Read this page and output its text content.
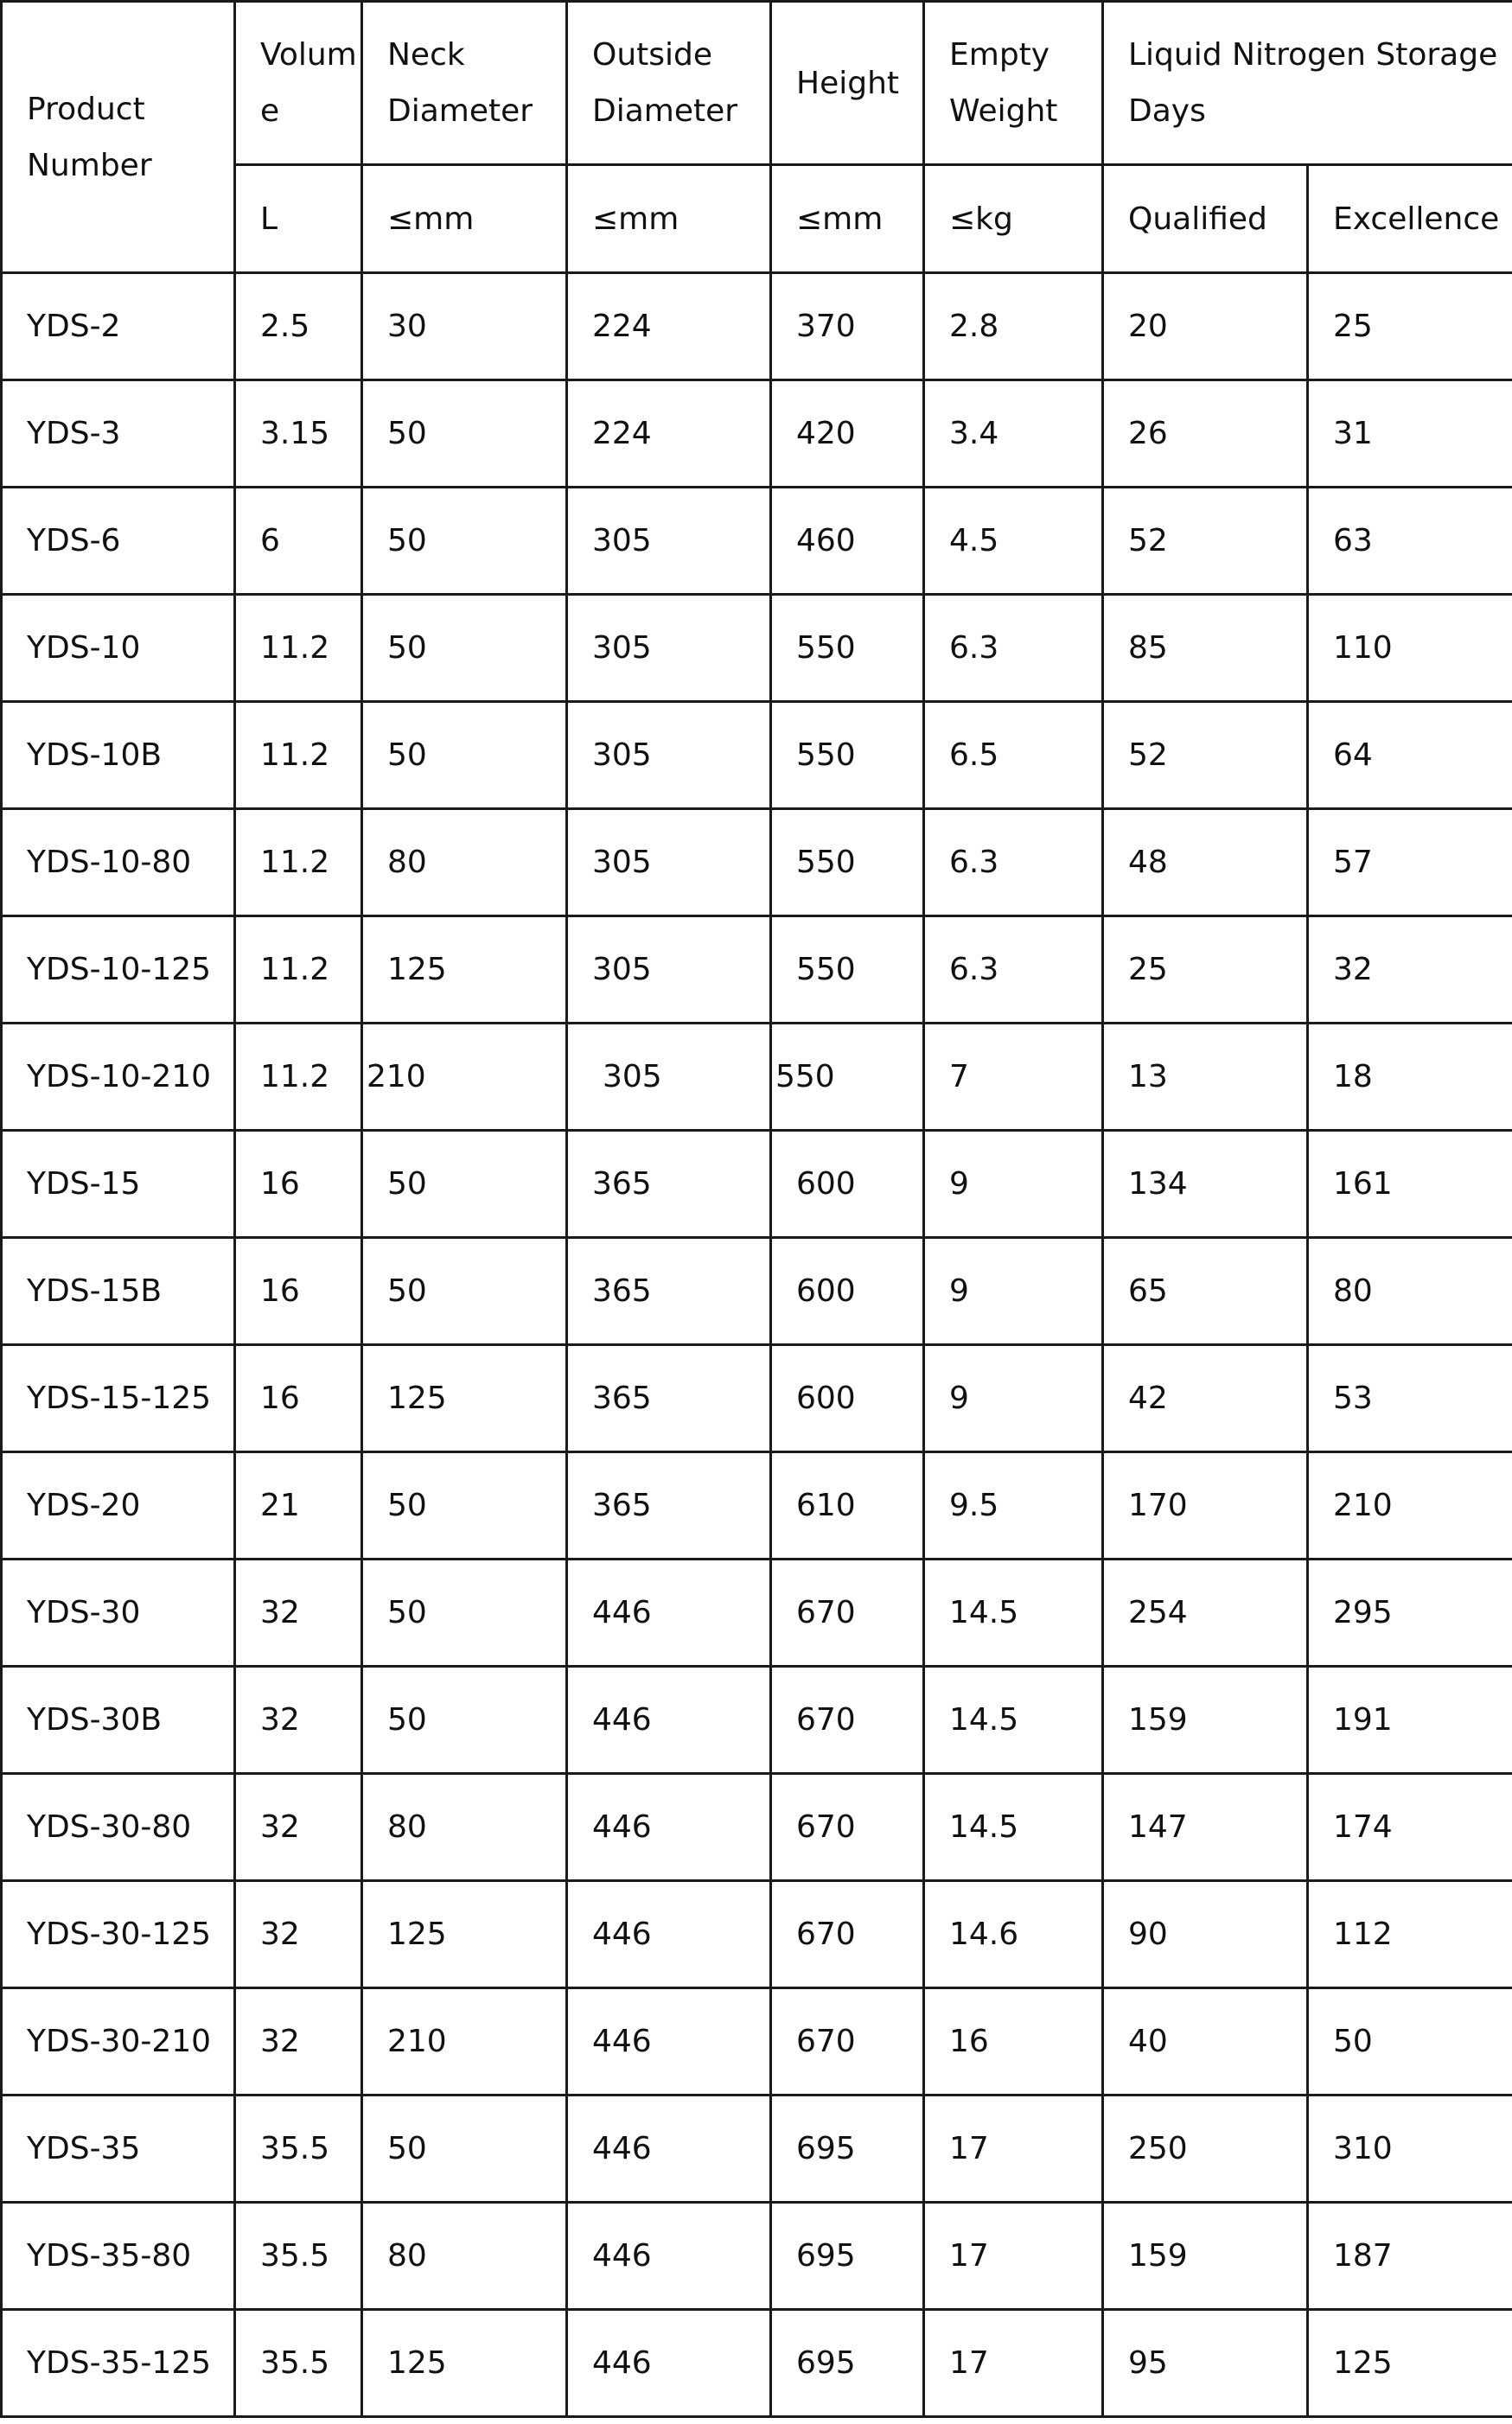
Product Number	Volume	Neck Diameter	Outside Diameter	Height	Empty Weight	Liquid Nitrogen Storage Days	
	L	≤mm	≤mm	≤mm	≤kg	Qualified	Excellence
YDS-2	2.5	30	224	370	2.8	20	25
YDS-3	3.15	50	224	420	3.4	26	31
YDS-6	6	50	305	460	4.5	52	63
YDS-10	11.2	50	305	550	6.3	85	110
YDS-10B	11.2	50	305	550	6.5	52	64
YDS-10-80	11.2	80	305	550	6.3	48	57
YDS-10-125	11.2	125	305	550	6.3	25	32
YDS-10-210	11.2	210	305	550	7	13	18
YDS-15	16	50	365	600	9	134	161
YDS-15B	16	50	365	600	9	65	80
YDS-15-125	16	125	365	600	9	42	53
YDS-20	21	50	365	610	9.5	170	210
YDS-30	32	50	446	670	14.5	254	295
YDS-30B	32	50	446	670	14.5	159	191
YDS-30-80	32	80	446	670	14.5	147	174
YDS-30-125	32	125	446	670	14.6	90	112
YDS-30-210	32	210	446	670	16	40	50
YDS-35	35.5	50	446	695	17	250	310
YDS-35-80	35.5	80	446	695	17	159	187
YDS-35-125	35.5	125	446	695	17	95	125
